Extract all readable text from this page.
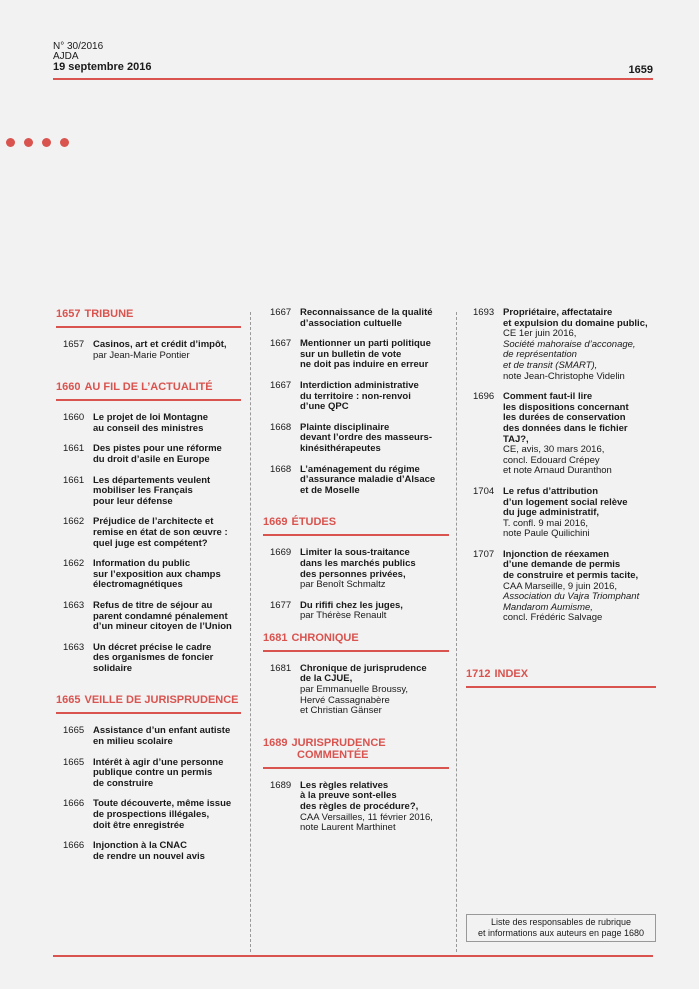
N° 30/2016
AJDA
19 septembre 2016	1659
1657 TRIBUNE
1657 Casinos, art et crédit d’impôt,
par Jean-Marie Pontier
1660 AU FIL DE L’ACTUALITÉ
1660 Le projet de loi Montagne
au conseil des ministres
1661 Des pistes pour une réforme
du droit d’asile en Europe
1661 Les départements veulent
mobiliser les Français
pour leur défense
1662 Préjudice de l’architecte et
remise en état de son œuvre :
quel juge est compétent?
1662 Information du public
sur l’exposition aux champs
électromagnétiques
1663 Refus de titre de séjour au
parent condamné pénalement
d’un mineur citoyen de l’Union
1663 Un décret précise le cadre
des organismes de foncier
solidaire
1665 VEILLE DE JURISPRUDENCE
1665 Assistance d’un enfant autiste
en milieu scolaire
1665 Intérêt à agir d’une personne
publique contre un permis
de construire
1666 Toute découverte, même issue
de prospections illégales,
doit être enregistrée
1666 Injonction à la CNAC
de rendre un nouvel avis
1667 Reconnaissance de la qualité
d’association cultuelle
1667 Mentionner un parti politique
sur un bulletin de vote
ne doit pas induire en erreur
1667 Interdiction administrative
du territoire : non-renvoi
d’une QPC
1668 Plainte disciplinaire
devant l’ordre des masseurs-
kinésithérapeutes
1668 L’aménagement du régime
d’assurance maladie d’Alsace
et de Moselle
1669 ÉTUDES
1669 Limiter la sous-traitance
dans les marchés publics
des personnes privées,
par Benoît Schmaltz
1677 Du rififi chez les juges,
par Thérèse Renault
1681 CHRONIQUE
1681 Chronique de jurisprudence
de la CJUE,
par Emmanuelle Broussy,
Hervé Cassagnabère
et Christian Gänser
1689 JURISPRUDENCE
COMMENTÉE
1689 Les règles relatives
à la preuve sont-elles
des règles de procédure?,
CAA Versailles, 11 février 2016,
note Laurent Marthinet
1693 Propriétaire, affectataire
et expulsion du domaine public,
CE 1er juin 2016,
Société mahoraise d’acconage,
de représentation
et de transit (SMART),
note Jean-Christophe Videlin
1696 Comment faut-il lire
les dispositions concernant
les durées de conservation
des données dans le fichier
TAJ?,
CE, avis, 30 mars 2016,
concl. Edouard Crépey
et note Arnaud Duranthon
1704 Le refus d’attribution
d’un logement social relève
du juge administratif,
T. confl. 9 mai 2016,
note Paule Quilichini
1707 Injonction de réexamen
d’une demande de permis
de construire et permis tacite,
CAA Marseille, 9 juin 2016,
Association du Vajra Triomphant
Mandarom Aumisme,
concl. Frédéric Salvage
1712 INDEX
Liste des responsables de rubrique
et informations aux auteurs en page 1680
